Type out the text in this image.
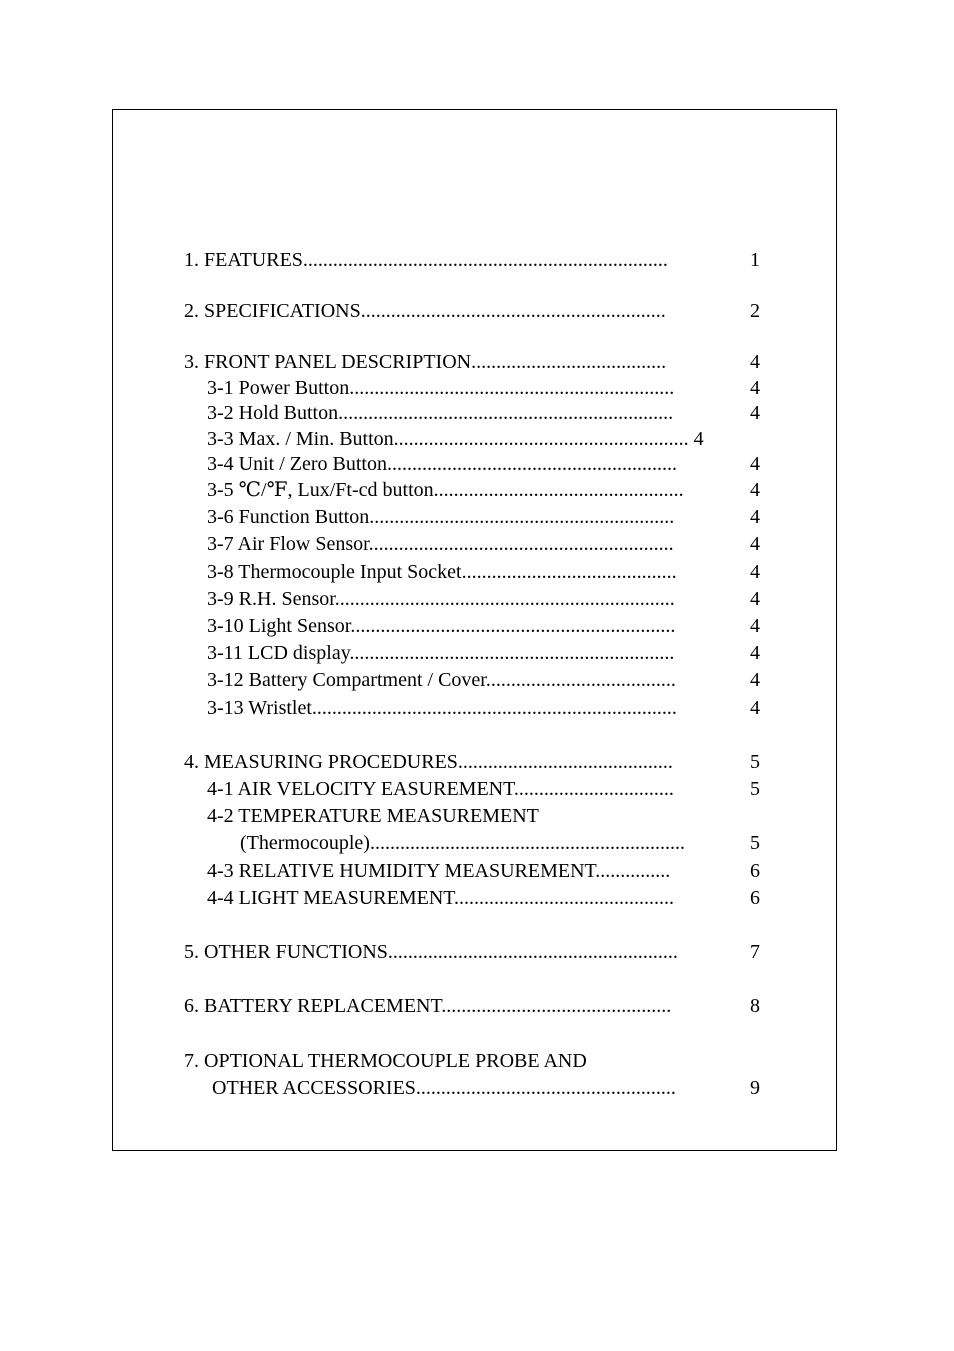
1. FEATURES.........................................................................	1
2. SPECIFICATIONS.............................................................	2
3. FRONT PANEL DESCRIPTION.......................................	4
3-1 Power Button.................................................................	4
3-2 Hold Button...................................................................	4
3-3 Max. / Min. Button........................................................... 4
3-4 Unit / Zero Button..........................................................	4
3-5 ℃/℉, Lux/Ft-cd button..................................................	4
3-6 Function Button.............................................................	4
3-7 Air Flow Sensor.............................................................	4
3-8 Thermocouple Input Socket...........................................	4
3-9 R.H. Sensor....................................................................	4
3-10 Light Sensor.................................................................	4
3-11 LCD display.................................................................	4
3-12 Battery Compartment / Cover......................................	4
3-13 Wristlet.........................................................................	4
4. MEASURING PROCEDURES...........................................	5
4-1 AIR VELOCITY EASUREMENT................................	5
4-2 TEMPERATURE MEASUREMENT
(Thermocouple)...............................................................	5
4-3 RELATIVE HUMIDITY MEASUREMENT...............	6
4-4 LIGHT MEASUREMENT............................................	6
5. OTHER FUNCTIONS..........................................................	7
6. BATTERY REPLACEMENT..............................................	8
7. OPTIONAL THERMOCOUPLE PROBE AND
OTHER ACCESSORIES....................................................	9
